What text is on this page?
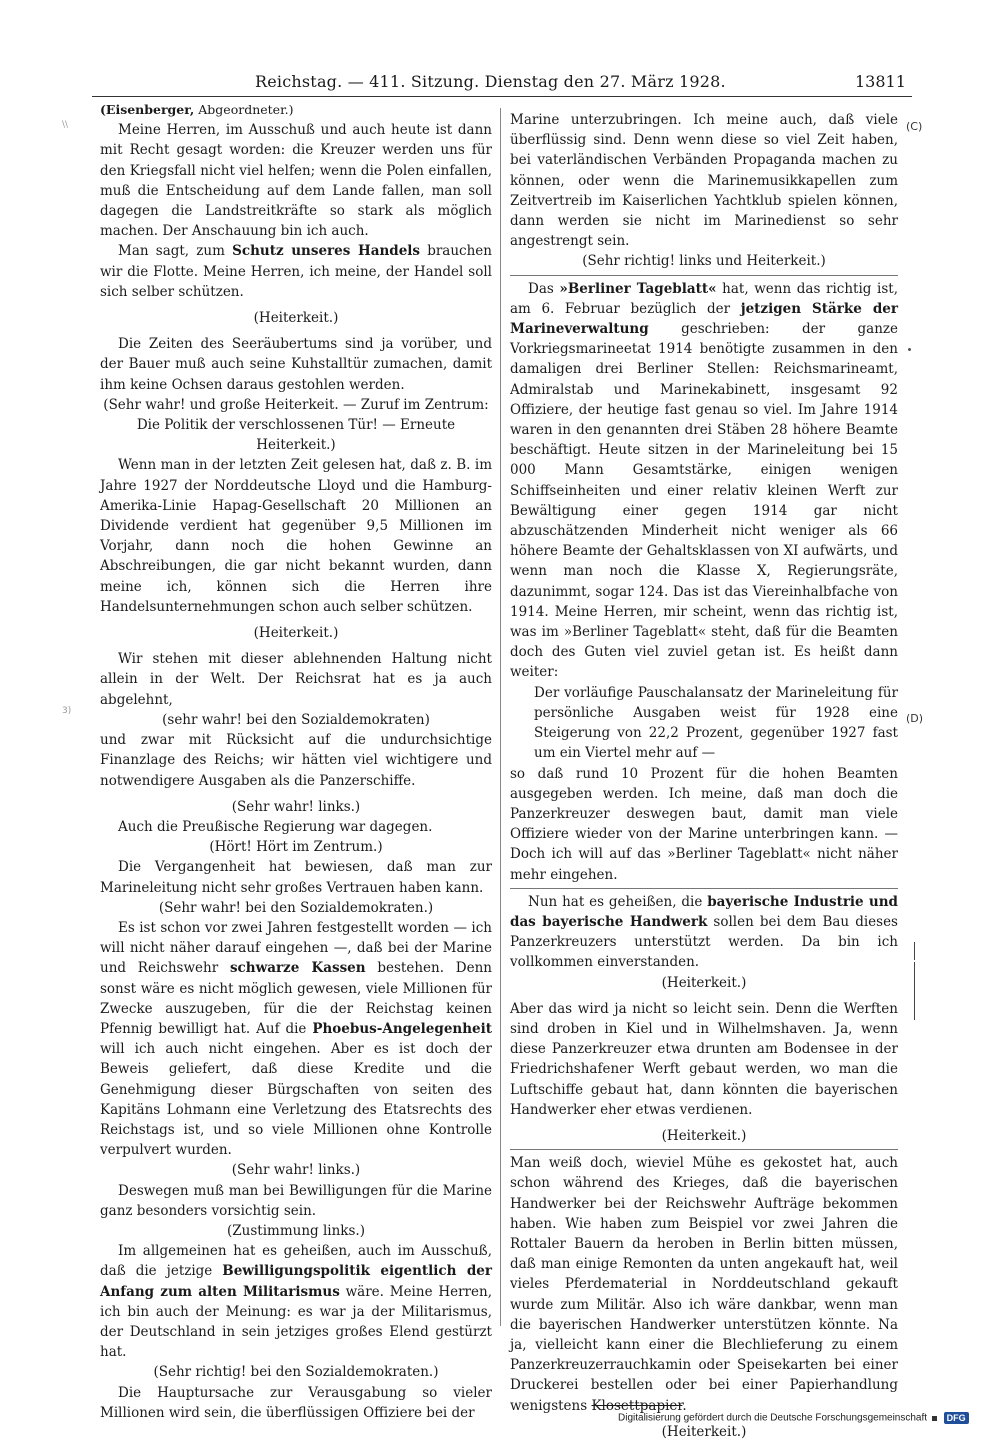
Reichstag. — 411. Sitzung. Dienstag den 27. März 1928.	13811
\\
3)
(C)
(D)

(Eisenberger, Abgeordneter.)

Meine Herren, im Ausschuß und auch heute ist dann mit Recht gesagt worden: die Kreuzer werden uns für den Kriegsfall nicht viel helfen; wenn die Polen einfallen, muß die Entscheidung auf dem Lande fallen, man soll dagegen die Landstreitkräfte so stark als möglich machen. Der Anschauung bin ich auch.

Man sagt, zum Schutz unseres Handels brauchen wir die Flotte. Meine Herren, ich meine, der Handel soll sich selber schützen.

(Heiterkeit.)

Die Zeiten des Seeräubertums sind ja vorüber, und der Bauer muß auch seine Kuhstalltür zumachen, damit ihm keine Ochsen daraus gestohlen werden.

(Sehr wahr! und große Heiterkeit. — Zuruf im Zentrum: Die Politik der verschlossenen Tür! — Erneute Heiterkeit.)

Wenn man in der letzten Zeit gelesen hat, daß z. B. im Jahre 1927 der Norddeutsche Lloyd und die Hamburg-Amerika-Linie Hapag-Gesellschaft 20 Millionen an Dividende verdient hat gegenüber 9,5 Millionen im Vorjahr, dann noch die hohen Gewinne an Abschreibungen, die gar nicht bekannt wurden, dann meine ich, können sich die Herren ihre Handelsunternehmungen schon auch selber schützen.

(Heiterkeit.)

Wir stehen mit dieser ablehnenden Haltung nicht allein in der Welt. Der Reichsrat hat es ja auch abgelehnt,

(sehr wahr! bei den Sozialdemokraten)

und zwar mit Rücksicht auf die undurchsichtige Finanzlage des Reichs; wir hätten viel wichtigere und notwendigere Ausgaben als die Panzerschiffe.

(Sehr wahr! links.)

Auch die Preußische Regierung war dagegen.

(Hört! Hört im Zentrum.)

Die Vergangenheit hat bewiesen, daß man zur Marineleitung nicht sehr großes Vertrauen haben kann.

(Sehr wahr! bei den Sozialdemokraten.)

Es ist schon vor zwei Jahren festgestellt worden — ich will nicht näher darauf eingehen —, daß bei der Marine und Reichswehr schwarze Kassen bestehen. Denn sonst wäre es nicht möglich gewesen, viele Millionen für Zwecke auszugeben, für die der Reichstag keinen Pfennig bewilligt hat. Auf die Phoebus-Angelegenheit will ich auch nicht eingehen. Aber es ist doch der Beweis geliefert, daß diese Kredite und die Genehmigung dieser Bürgschaften von seiten des Kapitäns Lohmann eine Verletzung des Etatsrechts des Reichstags ist, und so viele Millionen ohne Kontrolle verpulvert wurden.

(Sehr wahr! links.)

Deswegen muß man bei Bewilligungen für die Marine ganz besonders vorsichtig sein.

(Zustimmung links.)

Im allgemeinen hat es geheißen, auch im Ausschuß, daß die jetzige Bewilligungspolitik eigentlich der Anfang zum alten Militarismus wäre. Meine Herren, ich bin auch der Meinung: es war ja der Militarismus, der Deutschland in sein jetziges großes Elend gestürzt hat.

(Sehr richtig! bei den Sozialdemokraten.)

Die Hauptursache zur Verausgabung so vieler Millionen wird sein, die überflüssigen Offiziere bei der

Marine unterzubringen. Ich meine auch, daß viele überflüssig sind. Denn wenn diese so viel Zeit haben, bei vaterländischen Verbänden Propaganda machen zu können, oder wenn die Marinemusikkapellen zum Zeitvertreib im Kaiserlichen Yachtklub spielen können, dann werden sie nicht im Marinedienst so sehr angestrengt sein.

(Sehr richtig! links und Heiterkeit.)

Das »Berliner Tageblatt« hat, wenn das richtig ist, am 6. Februar bezüglich der jetzigen Stärke der Marineverwaltung geschrieben: der ganze Vorkriegsmarineetat 1914 benötigte zusammen in den damaligen drei Berliner Stellen: Reichsmarineamt, Admiralstab und Marinekabinett, insgesamt 92 Offiziere, der heutige fast genau so viel. Im Jahre 1914 waren in den genannten drei Stäben 28 höhere Beamte beschäftigt. Heute sitzen in der Marineleitung bei 15 000 Mann Gesamtstärke, einigen wenigen Schiffseinheiten und einer relativ kleinen Werft zur Bewältigung einer gegen 1914 gar nicht abzuschätzenden Minderheit nicht weniger als 66 höhere Beamte der Gehaltsklassen von XI aufwärts, und wenn man noch die Klasse X, Regierungsräte, dazunimmt, sogar 124. Das ist das Viereinhalbfache von 1914. Meine Herren, mir scheint, wenn das richtig ist, was im »Berliner Tageblatt« steht, daß für die Beamten doch des Guten viel zuviel getan ist. Es heißt dann weiter:

Der vorläufige Pauschalansatz der Marineleitung für persönliche Ausgaben weist für 1928 eine Steigerung von 22,2 Prozent, gegenüber 1927 fast um ein Viertel mehr auf —

so daß rund 10 Prozent für die hohen Beamten ausgegeben werden. Ich meine, daß man doch die Panzerkreuzer deswegen baut, damit man viele Offiziere wieder von der Marine unterbringen kann. — Doch ich will auf das »Berliner Tageblatt« nicht näher mehr eingehen.

Nun hat es geheißen, die bayerische Industrie und das bayerische Handwerk sollen bei dem Bau dieses Panzerkreuzers unterstützt werden. Da bin ich vollkommen einverstanden.

(Heiterkeit.)

Aber das wird ja nicht so leicht sein. Denn die Werften sind droben in Kiel und in Wilhelmshaven. Ja, wenn diese Panzerkreuzer etwa drunten am Bodensee in der Friedrichshafener Werft gebaut werden, wo man die Luftschiffe gebaut hat, dann könnten die bayerischen Handwerker eher etwas verdienen.

(Heiterkeit.)

Man weiß doch, wieviel Mühe es gekostet hat, auch schon während des Krieges, daß die bayerischen Handwerker bei der Reichswehr Aufträge bekommen haben. Wie haben zum Beispiel vor zwei Jahren die Rottaler Bauern da heroben in Berlin bitten müssen, daß man einige Remonten da unten angekauft hat, weil vieles Pferdematerial in Norddeutschland gekauft wurde zum Militär. Also ich wäre dankbar, wenn man die bayerischen Handwerker unterstützen könnte. Na ja, vielleicht kann einer die Blechlieferung zu einem Panzerkreuzerrauchkamin oder Speisekarten bei einer Druckerei bestellen oder bei einer Papierhandlung wenigstens Klosettpapier.

(Heiterkeit.)

Digitalisierung gefördert durch die Deutsche Forschungsgemeinschaft DFG
